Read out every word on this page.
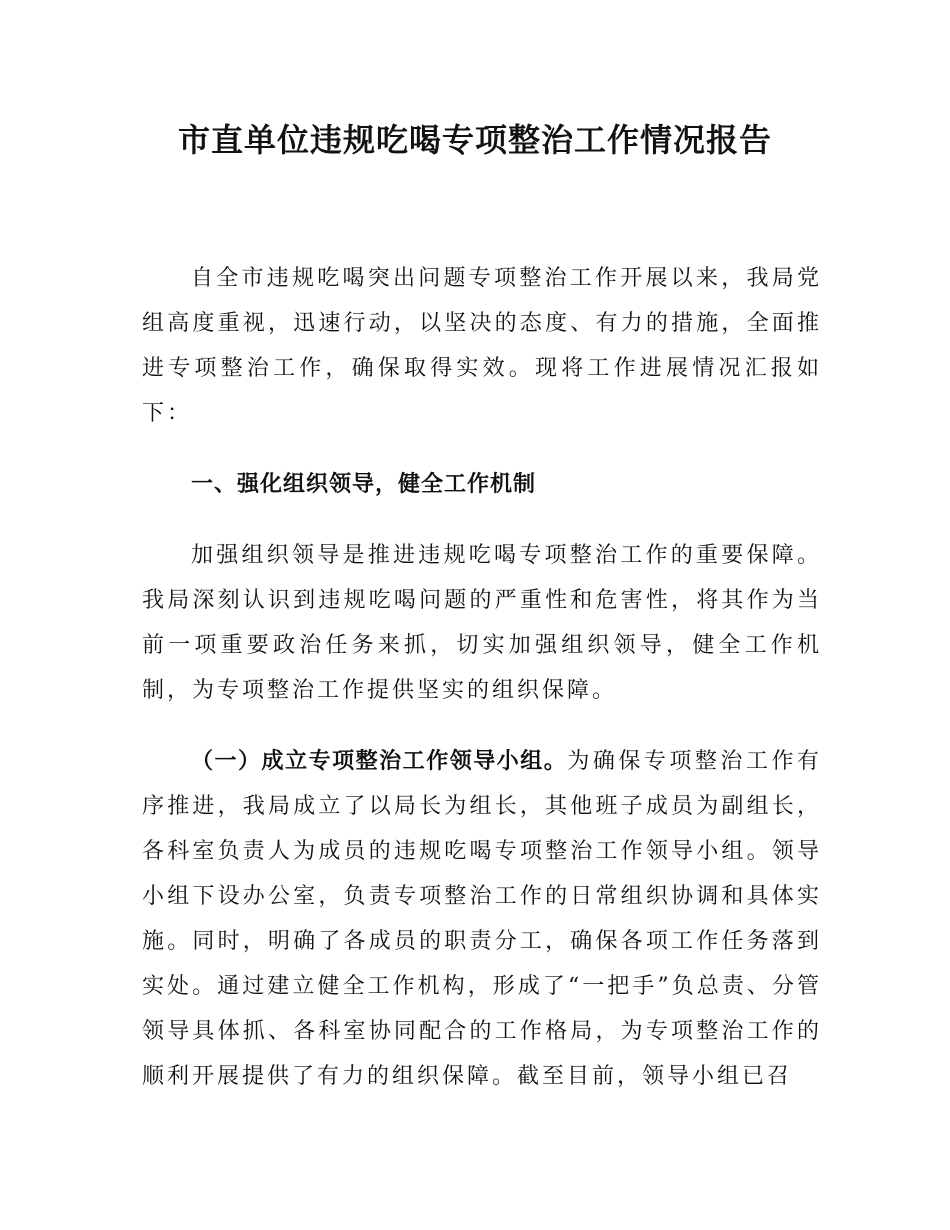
市直单位违规吃喝专项整治工作情况报告

自全市违规吃喝突出问题专项整治工作开展以来，我局党组高度重视，迅速行动，以坚决的态度、有力的措施，全面推进专项整治工作，确保取得实效。现将工作进展情况汇报如下：

一、强化组织领导，健全工作机制

加强组织领导是推进违规吃喝专项整治工作的重要保障。我局深刻认识到违规吃喝问题的严重性和危害性，将其作为当前一项重要政治任务来抓，切实加强组织领导，健全工作机制，为专项整治工作提供坚实的组织保障。

（一）成立专项整治工作领导小组。为确保专项整治工作有序推进，我局成立了以局长为组长，其他班子成员为副组长，各科室负责人为成员的违规吃喝专项整治工作领导小组。领导小组下设办公室，负责专项整治工作的日常组织协调和具体实施。同时，明确了各成员的职责分工，确保各项工作任务落到实处。通过建立健全工作机构，形成了“一把手”负总责、分管领导具体抓、各科室协同配合的工作格局，为专项整治工作的顺利开展提供了有力的组织保障。截至目前，领导小组已召
